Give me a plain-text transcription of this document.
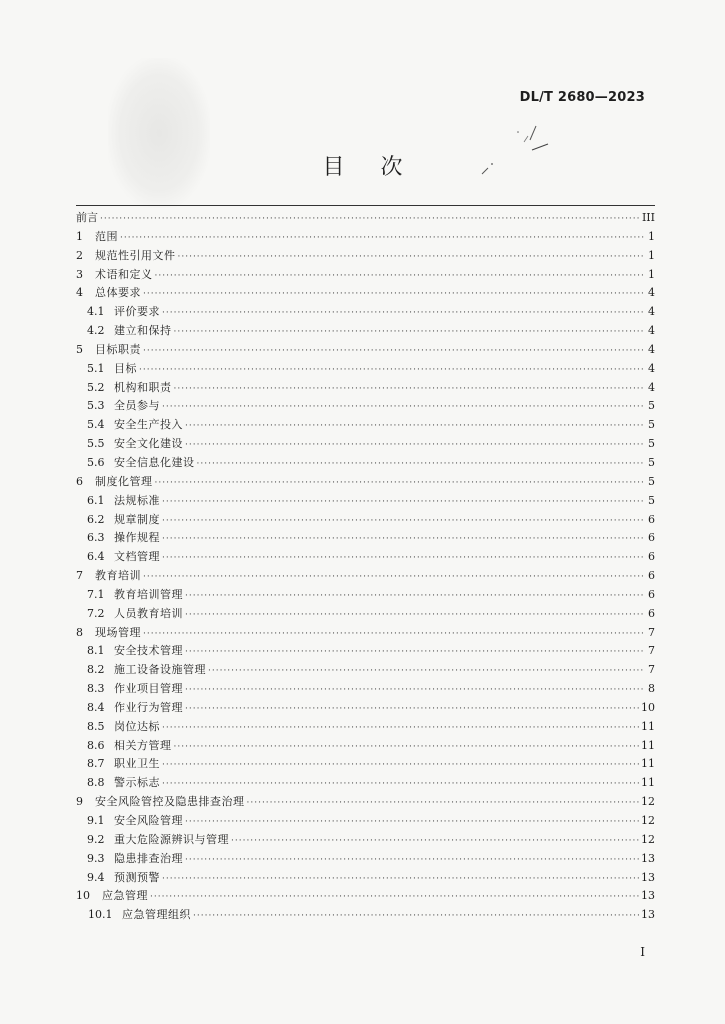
DL/T 2680—2023
目次
前言 ·····	III
1	范围 ·····	1
2	规范性引用文件 ·····	1
3	术语和定义 ·····	1
4	总体要求 ·····	4
4.1 评价要求 ·····	4
4.2 建立和保持 ·····	4
5	目标职责 ·····	4
5.1 目标 ·····	4
5.2 机构和职责 ·····	4
5.3 全员参与 ·····	5
5.4 安全生产投入 ·····	5
5.5 安全文化建设 ·····	5
5.6 安全信息化建设 ·····	5
6	制度化管理 ·····	5
6.1 法规标准 ·····	5
6.2 规章制度 ·····	6
6.3 操作规程 ·····	6
6.4 文档管理 ·····	6
7	教育培训 ·····	6
7.1 教育培训管理 ·····	6
7.2 人员教育培训 ·····	6
8	现场管理 ·····	7
8.1 安全技术管理 ·····	7
8.2 施工设备设施管理 ·····	7
8.3 作业项目管理 ·····	8
8.4 作业行为管理 ·····	10
8.5 岗位达标 ·····	11
8.6 相关方管理 ·····	11
8.7 职业卫生 ·····	11
8.8 警示标志 ·····	11
9	安全风险管控及隐患排查治理 ·····	12
9.1 安全风险管理 ·····	12
9.2 重大危险源辨识与管理 ·····	12
9.3 隐患排查治理 ·····	13
9.4 预测预警 ·····	13
10	应急管理 ·····	13
10.1 应急管理组织 ·····	13
I
